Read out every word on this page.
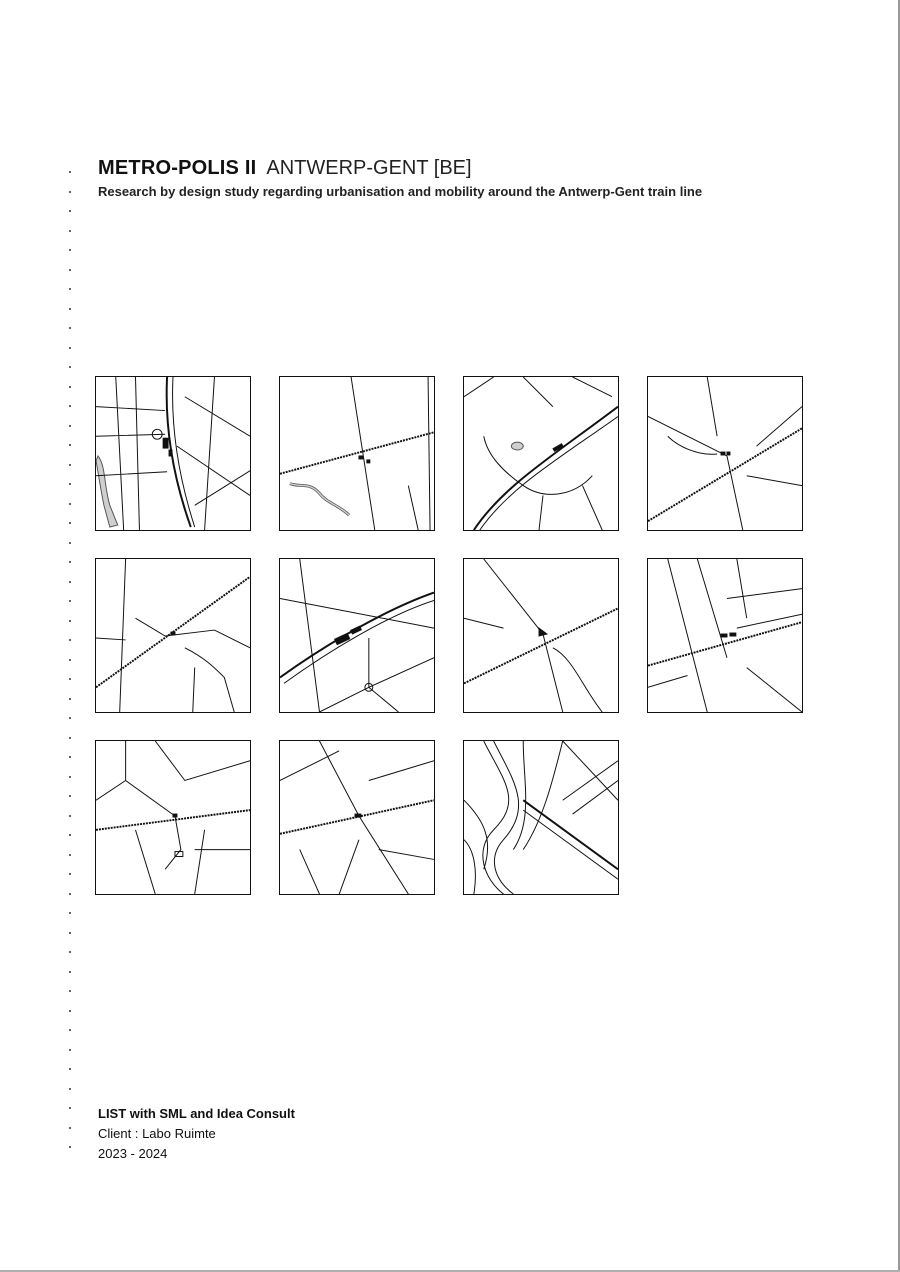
METRO-POLIS II ANTWERP-GENT [BE]
Research by design study regarding urbanisation and mobility around the Antwerp-Gent train line
LIST with SML and Idea Consult
Client : Labo Ruimte
2023 - 2024
